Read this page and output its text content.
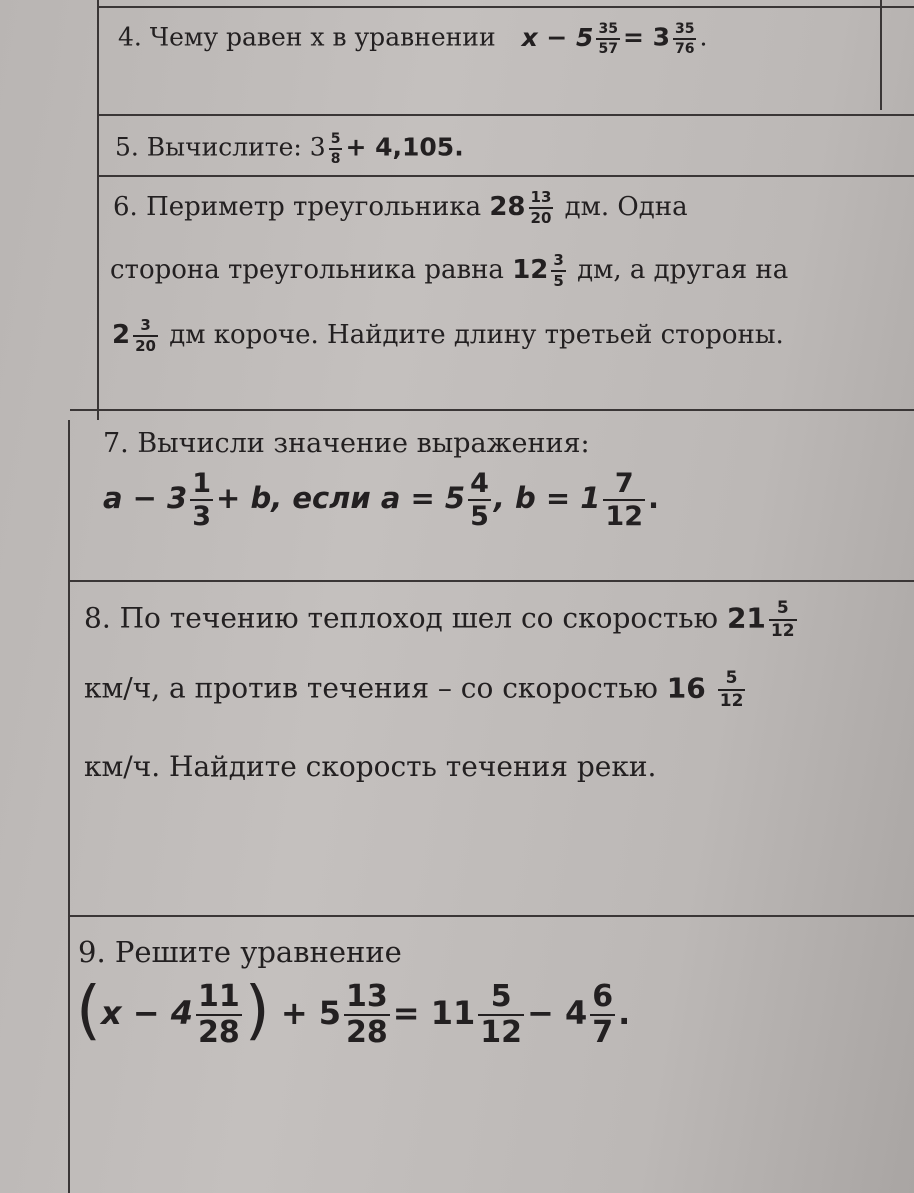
4. Чему равен x в уравнении $x - 5 \frac{35}{57} = 3 \frac{35}{76}$ .
5. Вычислите: $3 \frac{5}{8} + 4,105$.
6. Периметр треугольника $28 \frac{13}{20}$ дм. Одна
сторона треугольника равна $12 \frac{3}{5}$ дм, а другая на
$2 \frac{3}{20}$ дм короче. Найдите длину третьей стороны.
7. Вычисли значение выражения:
$a - 3 \frac{1}{3} + b$, если $a = 5 \frac{4}{5}$ , $b = 1 \frac{7}{12}$ .
8. По течению теплоход шел со скоростью $21 \frac{5}{12}$
км/ч, а против течения – со скоростью $16 \frac{5}{12}$
км/ч. Найдите скорость течения реки.
9. Решите уравнение
($x - 4 \frac{11}{28}$ ) + $5 \frac{13}{28} = 11 \frac{5}{12} - 4 \frac{6}{7}$ .
